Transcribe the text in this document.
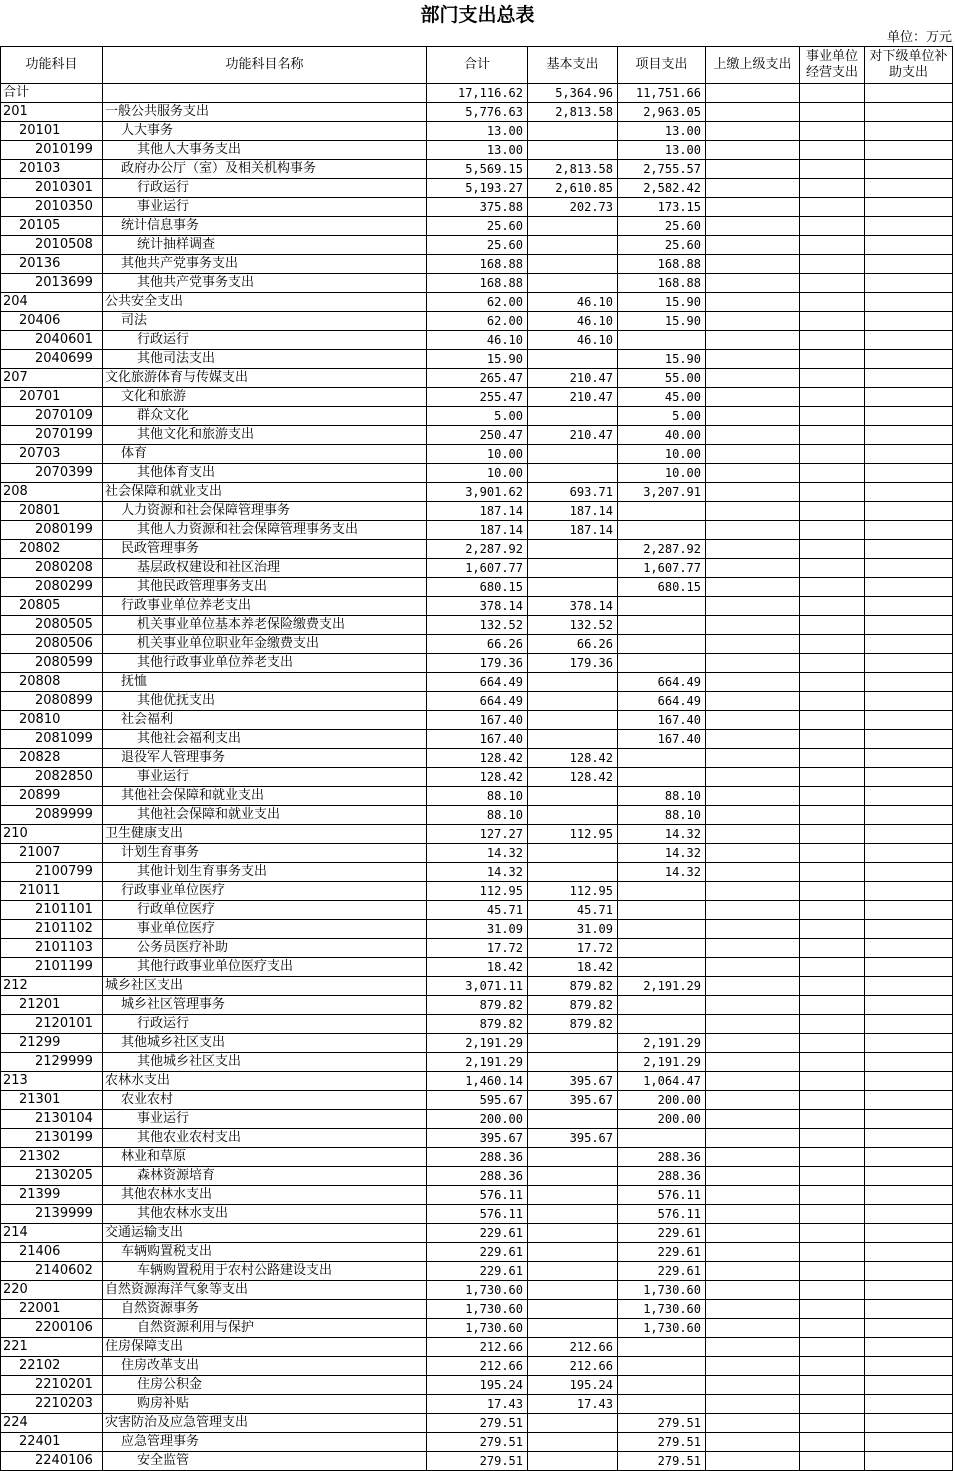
部门支出总表
单位：万元
功能科目	功能科目名称	合计	基本支出	项目支出	上缴上级支出	事业单位经营支出	对下级单位补助支出
合计		17,116.62	5,364.96	11,751.66			
201	一般公共服务支出	5,776.63	2,813.58	2,963.05			
20101	人大事务	13.00		13.00			
2010199	其他人大事务支出	13.00		13.00			
20103	政府办公厅（室）及相关机构事务	5,569.15	2,813.58	2,755.57			
2010301	行政运行	5,193.27	2,610.85	2,582.42			
2010350	事业运行	375.88	202.73	173.15			
20105	统计信息事务	25.60		25.60			
2010508	统计抽样调查	25.60		25.60			
20136	其他共产党事务支出	168.88		168.88			
2013699	其他共产党事务支出	168.88		168.88			
204	公共安全支出	62.00	46.10	15.90			
20406	司法	62.00	46.10	15.90			
2040601	行政运行	46.10	46.10				
2040699	其他司法支出	15.90		15.90			
207	文化旅游体育与传媒支出	265.47	210.47	55.00			
20701	文化和旅游	255.47	210.47	45.00			
2070109	群众文化	5.00		5.00			
2070199	其他文化和旅游支出	250.47	210.47	40.00			
20703	体育	10.00		10.00			
2070399	其他体育支出	10.00		10.00			
208	社会保障和就业支出	3,901.62	693.71	3,207.91			
20801	人力资源和社会保障管理事务	187.14	187.14				
2080199	其他人力资源和社会保障管理事务支出	187.14	187.14				
20802	民政管理事务	2,287.92		2,287.92			
2080208	基层政权建设和社区治理	1,607.77		1,607.77			
2080299	其他民政管理事务支出	680.15		680.15			
20805	行政事业单位养老支出	378.14	378.14				
2080505	机关事业单位基本养老保险缴费支出	132.52	132.52				
2080506	机关事业单位职业年金缴费支出	66.26	66.26				
2080599	其他行政事业单位养老支出	179.36	179.36				
20808	抚恤	664.49		664.49			
2080899	其他优抚支出	664.49		664.49			
20810	社会福利	167.40		167.40			
2081099	其他社会福利支出	167.40		167.40			
20828	退役军人管理事务	128.42	128.42				
2082850	事业运行	128.42	128.42				
20899	其他社会保障和就业支出	88.10		88.10			
2089999	其他社会保障和就业支出	88.10		88.10			
210	卫生健康支出	127.27	112.95	14.32			
21007	计划生育事务	14.32		14.32			
2100799	其他计划生育事务支出	14.32		14.32			
21011	行政事业单位医疗	112.95	112.95				
2101101	行政单位医疗	45.71	45.71				
2101102	事业单位医疗	31.09	31.09				
2101103	公务员医疗补助	17.72	17.72				
2101199	其他行政事业单位医疗支出	18.42	18.42				
212	城乡社区支出	3,071.11	879.82	2,191.29			
21201	城乡社区管理事务	879.82	879.82				
2120101	行政运行	879.82	879.82				
21299	其他城乡社区支出	2,191.29		2,191.29			
2129999	其他城乡社区支出	2,191.29		2,191.29			
213	农林水支出	1,460.14	395.67	1,064.47			
21301	农业农村	595.67	395.67	200.00			
2130104	事业运行	200.00		200.00			
2130199	其他农业农村支出	395.67	395.67				
21302	林业和草原	288.36		288.36			
2130205	森林资源培育	288.36		288.36			
21399	其他农林水支出	576.11		576.11			
2139999	其他农林水支出	576.11		576.11			
214	交通运输支出	229.61		229.61			
21406	车辆购置税支出	229.61		229.61			
2140602	车辆购置税用于农村公路建设支出	229.61		229.61			
220	自然资源海洋气象等支出	1,730.60		1,730.60			
22001	自然资源事务	1,730.60		1,730.60			
2200106	自然资源利用与保护	1,730.60		1,730.60			
221	住房保障支出	212.66	212.66				
22102	住房改革支出	212.66	212.66				
2210201	住房公积金	195.24	195.24				
2210203	购房补贴	17.43	17.43				
224	灾害防治及应急管理支出	279.51		279.51			
22401	应急管理事务	279.51		279.51			
2240106	安全监管	279.51		279.51			
